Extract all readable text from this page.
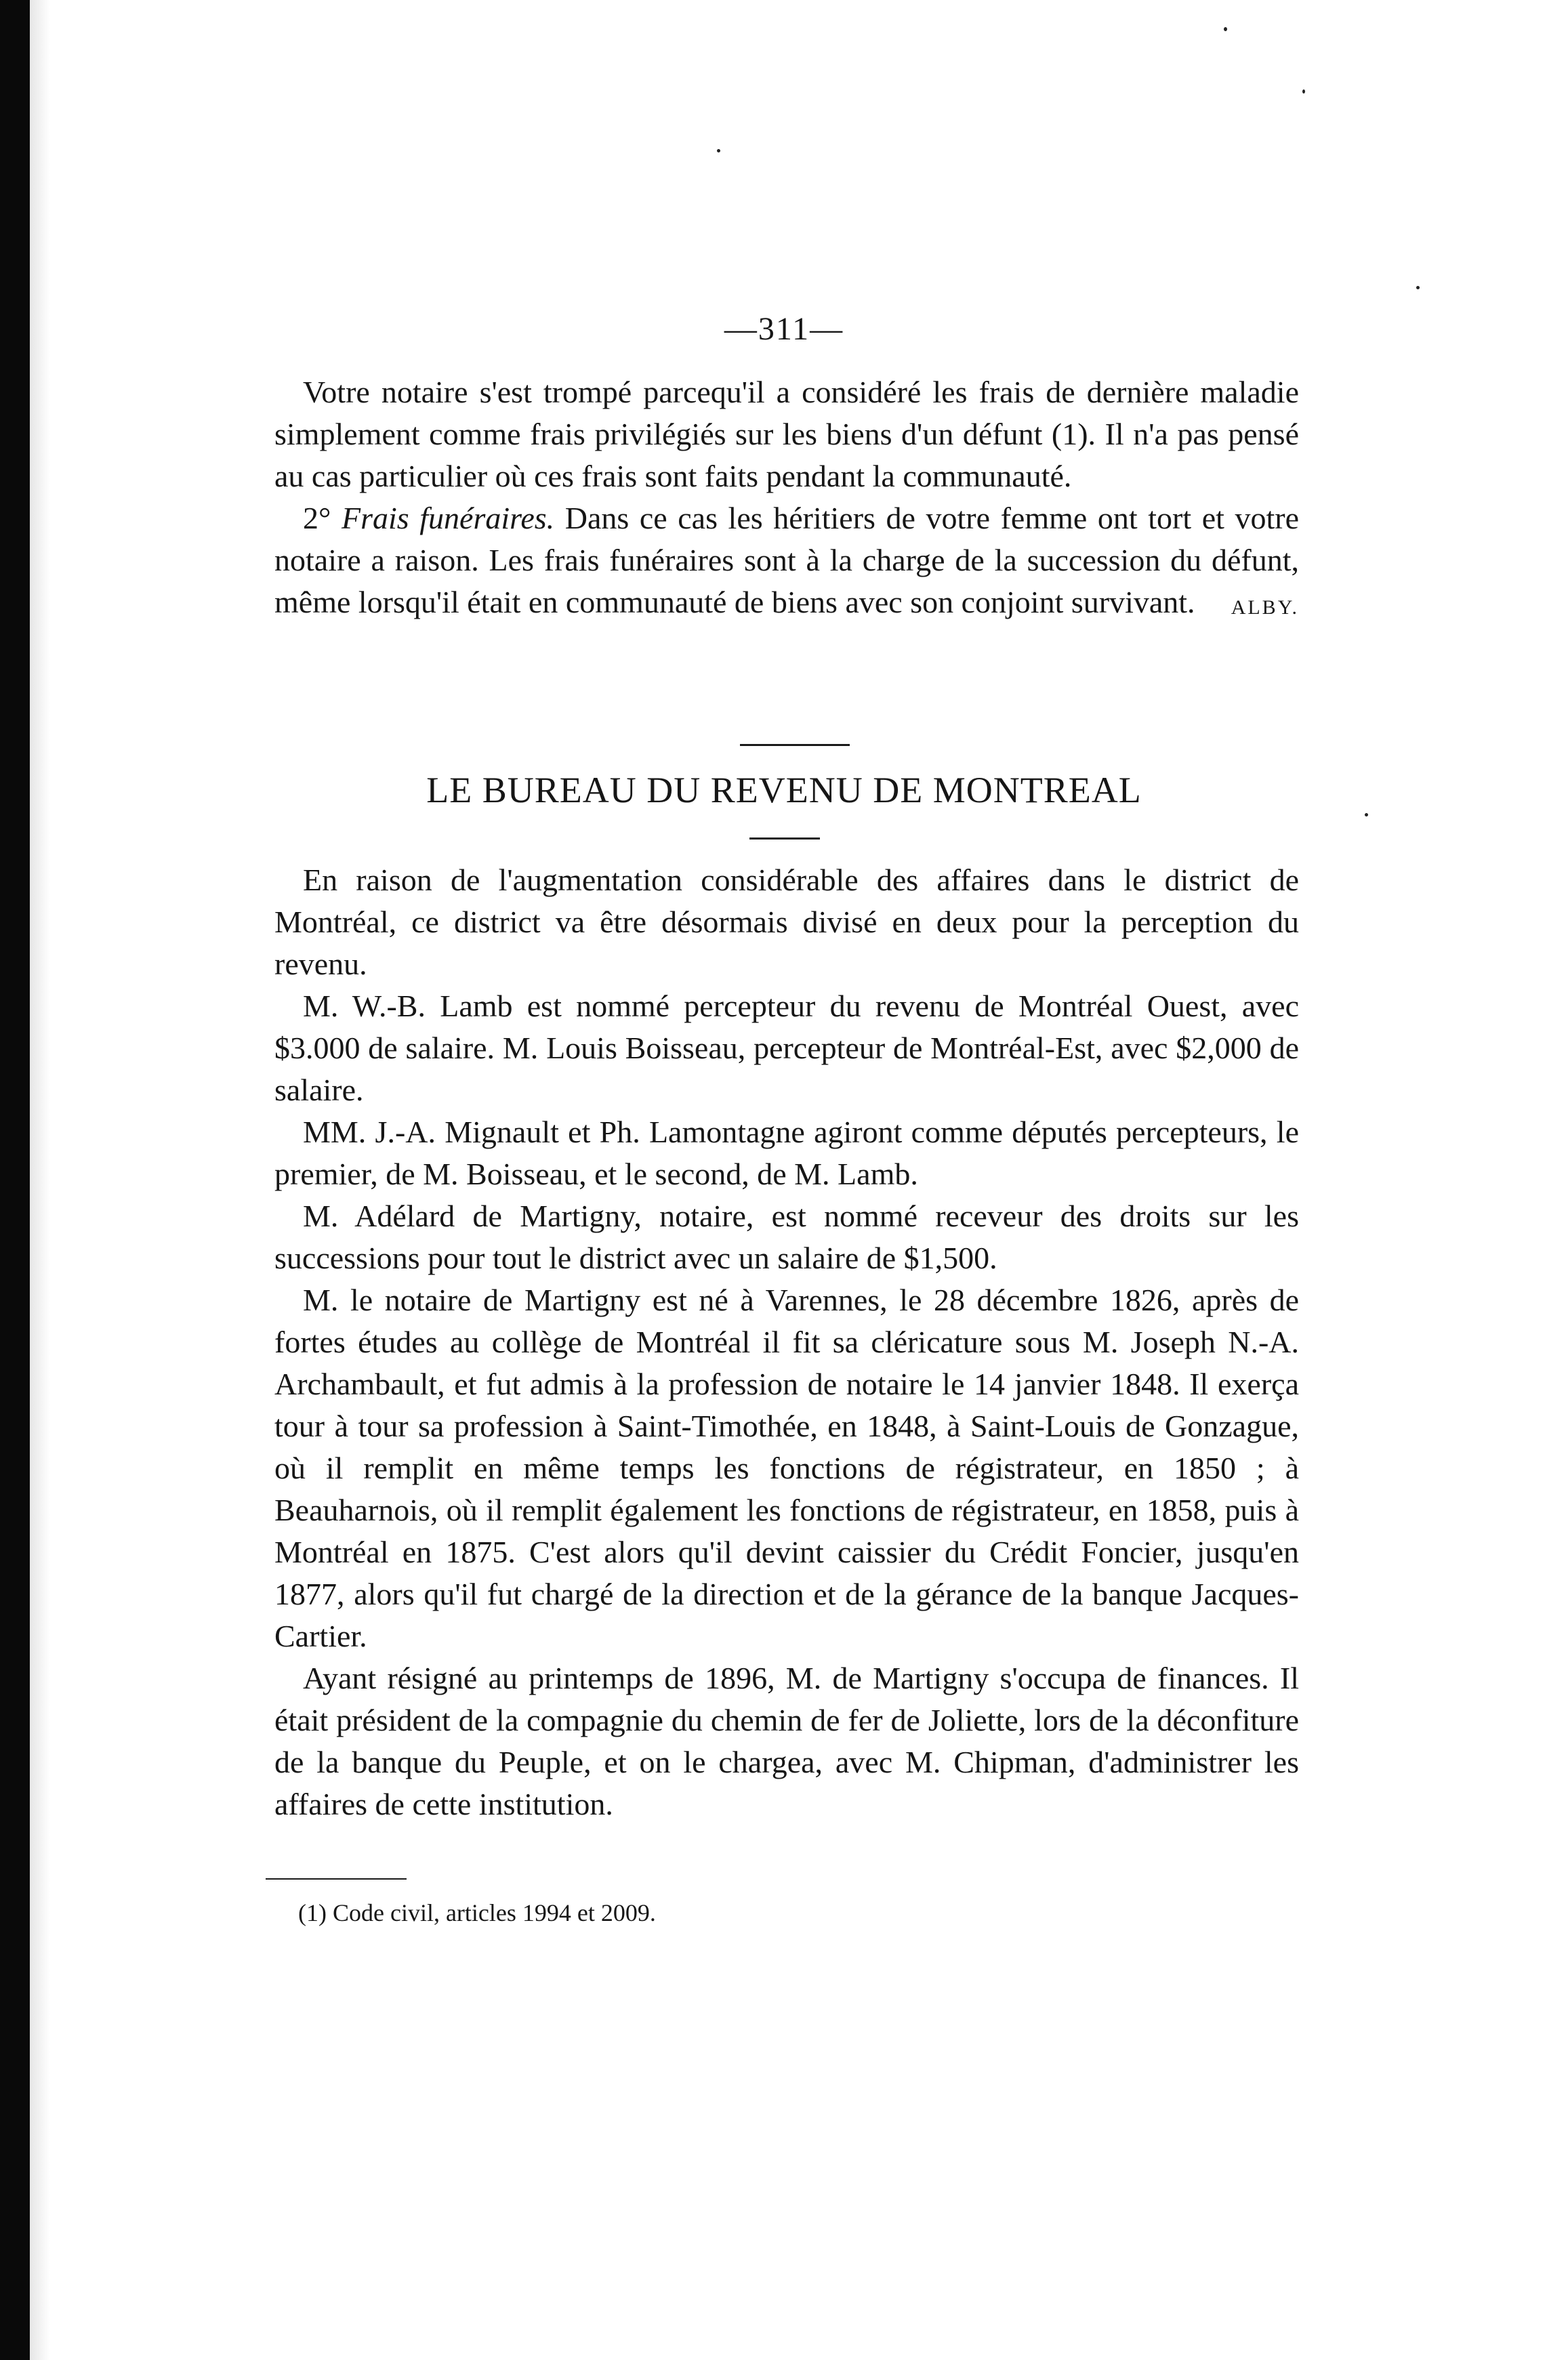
—311—

Votre notaire s'est trompé parcequ'il a considéré les frais de dernière maladie simplement comme frais privilégiés sur les biens d'un défunt (1). Il n'a pas pensé au cas particulier où ces frais sont faits pendant la communauté.

2° Frais funéraires. Dans ce cas les héritiers de votre femme ont tort et votre notaire a raison. Les frais funéraires sont à la charge de la succession du défunt, même lorsqu'il était en communauté de biens avec son conjoint survivant.	ALBY.

LE BUREAU DU REVENU DE MONTREAL

En raison de l'augmentation considérable des affaires dans le district de Montréal, ce district va être désormais divisé en deux pour la perception du revenu.

M. W.-B. Lamb est nommé percepteur du revenu de Montréal Ouest, avec $3.000 de salaire. M. Louis Boisseau, percepteur de Montréal-Est, avec $2,000 de salaire.

MM. J.-A. Mignault et Ph. Lamontagne agiront comme députés percepteurs, le premier, de M. Boisseau, et le second, de M. Lamb.

M. Adélard de Martigny, notaire, est nommé receveur des droits sur les successions pour tout le district avec un salaire de $1,500.

M. le notaire de Martigny est né à Varennes, le 28 décembre 1826, après de fortes études au collège de Montréal il fit sa cléricature sous M. Joseph N.-A. Archambault, et fut admis à la profession de notaire le 14 janvier 1848. Il exerça tour à tour sa profession à Saint-Timothée, en 1848, à Saint-Louis de Gonzague, où il remplit en même temps les fonctions de régistrateur, en 1850 ; à Beauharnois, où il remplit également les fonctions de régistrateur, en 1858, puis à Montréal en 1875. C'est alors qu'il devint caissier du Crédit Foncier, jusqu'en 1877, alors qu'il fut chargé de la direction et de la gérance de la banque Jacques-Cartier.

Ayant résigné au printemps de 1896, M. de Martigny s'occupa de finances. Il était président de la compagnie du chemin de fer de Joliette, lors de la déconfiture de la banque du Peuple, et on le chargea, avec M. Chipman, d'administrer les affaires de cette institution.

(1) Code civil, articles 1994 et 2009.
